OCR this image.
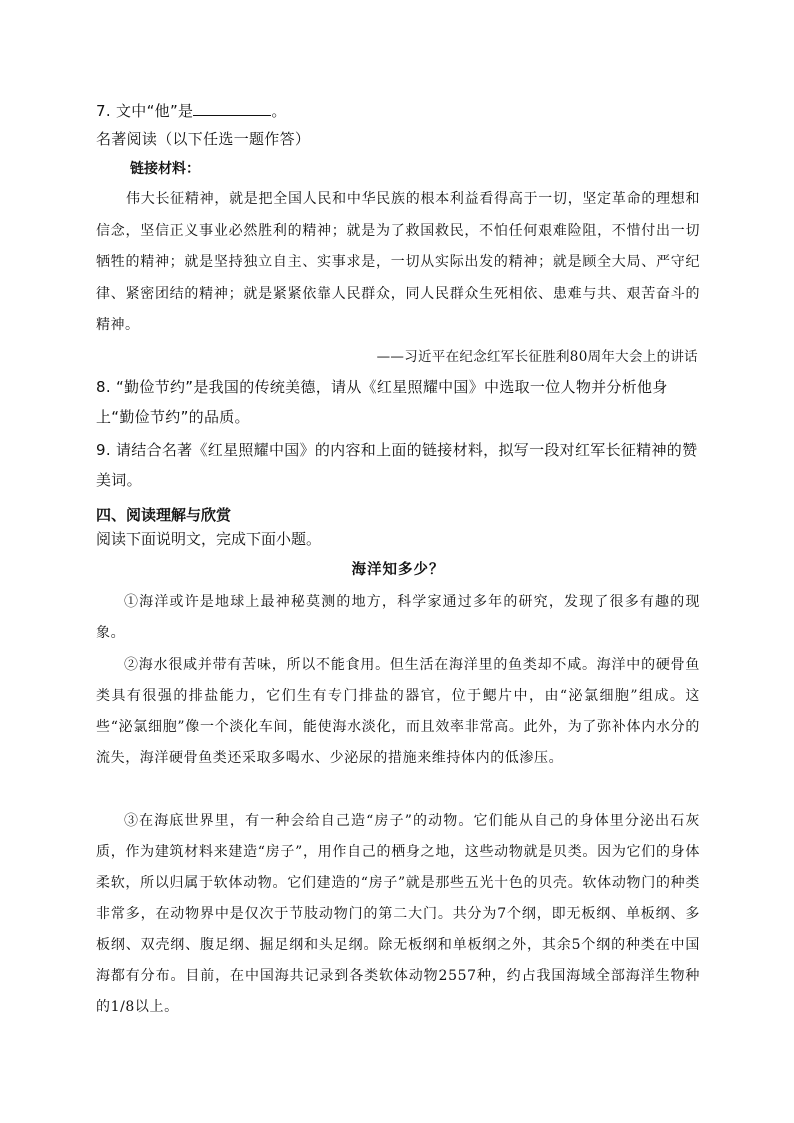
7. 文中“他”是	。
名著阅读（以下任选一题作答）
链接材料：
伟大长征精神，就是把全国人民和中华民族的根本利益看得高于一切，坚定革命的理想和信念，坚信正义事业必然胜利的精神；就是为了救国救民，不怕任何艰难险阻，不惜付出一切牺牲的精神；就是坚持独立自主、实事求是，一切从实际出发的精神；就是顾全大局、严守纪律、紧密团结的精神；就是紧紧依靠人民群众，同人民群众生死相依、患难与共、艰苦奋斗的精神。
——习近平在纪念红军长征胜利80周年大会上的讲话
8. “勤俭节约”是我国的传统美德，请从《红星照耀中国》中选取一位人物并分析他身上“勤俭节约”的品质。
9. 请结合名著《红星照耀中国》的内容和上面的链接材料，拟写一段对红军长征精神的赞美词。
四、阅读理解与欣赏
阅读下面说明文，完成下面小题。
海洋知多少？
①海洋或许是地球上最神秘莫测的地方，科学家通过多年的研究，发现了很多有趣的现象。
②海水很咸并带有苦味，所以不能食用。但生活在海洋里的鱼类却不咸。海洋中的硬骨鱼类具有很强的排盐能力，它们生有专门排盐的器官，位于鳃片中，由“泌氯细胞”组成。这些“泌氯细胞”像一个淡化车间，能使海水淡化，而且效率非常高。此外，为了弥补体内水分的流失，海洋硬骨鱼类还采取多喝水、少泌尿的措施来维持体内的低渗压。
③在海底世界里，有一种会给自己造“房子”的动物。它们能从自己的身体里分泌出石灰质，作为建筑材料来建造“房子”，用作自己的栖身之地，这些动物就是贝类。因为它们的身体柔软，所以归属于软体动物。它们建造的“房子”就是那些五光十色的贝壳。软体动物门的种类非常多，在动物界中是仅次于节肢动物门的第二大门。共分为7个纲，即无板纲、单板纲、多板纲、双壳纲、腹足纲、掘足纲和头足纲。除无板纲和单板纲之外，其余5个纲的种类在中国海都有分布。目前，在中国海共记录到各类软体动物2557种，约占我国海域全部海洋生物种的1/8以上。
